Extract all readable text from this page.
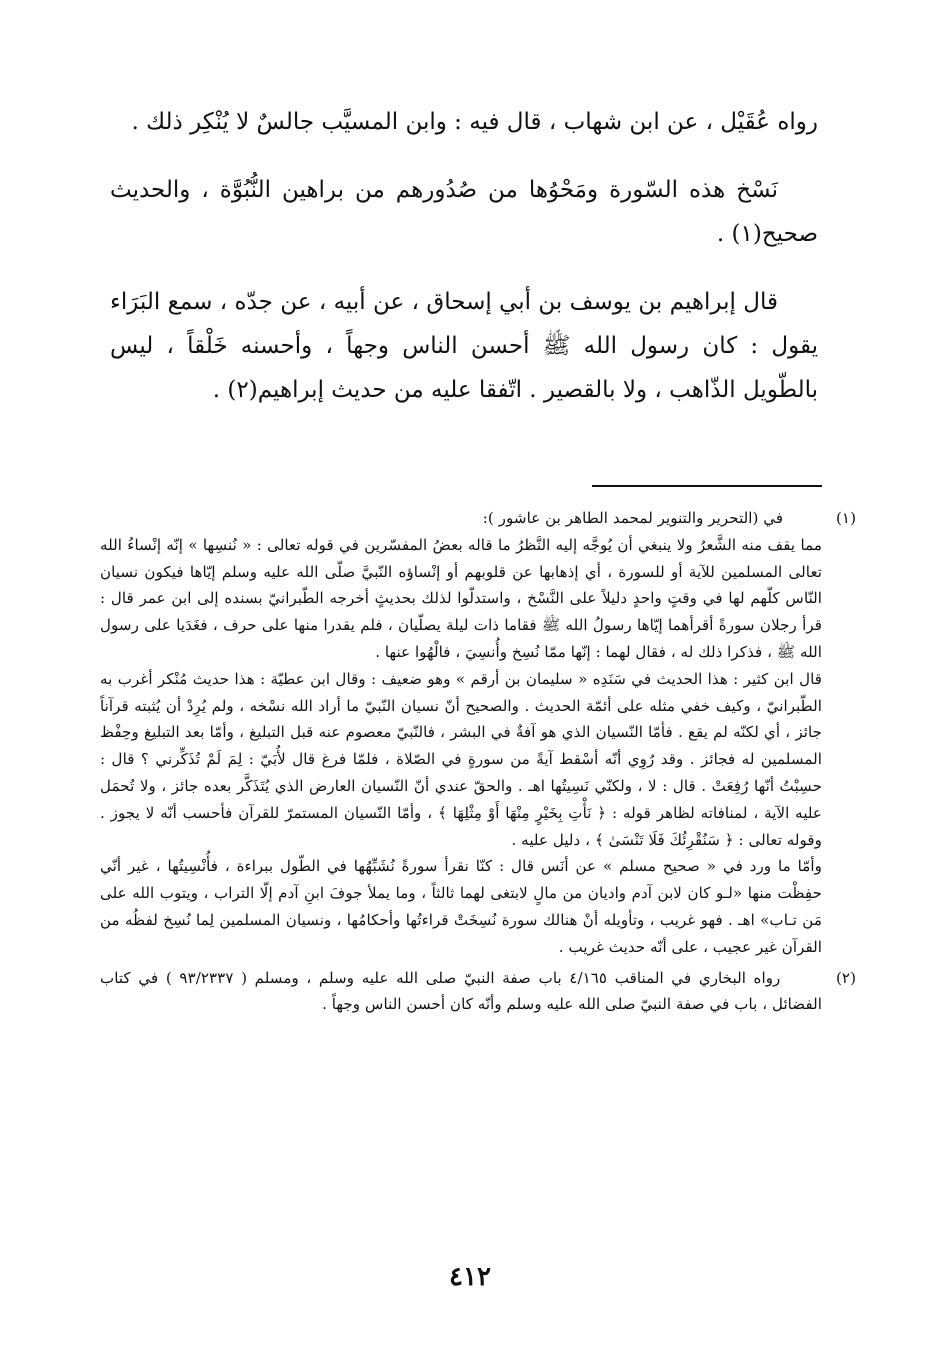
رواه عُقَيْل ، عن ابن شهاب ، قال فيه : وابن المسيَّب جالسٌ لا يُنْكِر ذلك .

نَسْخ هذه السّورة ومَحْوُها من صُدُورهم من براهين النُّبُوَّة ، والحديث صحيح(١) .

قال إبراهيم بن يوسف بن أبي إسحاق ، عن أبيه ، عن جدّه ، سمع البَرَاء يقول : كان رسول الله ﷺ أحسن الناس وجهاً ، وأحسنه خَلْقاً ، ليس بالطّويل الذّاهب ، ولا بالقصير . اتّفقا عليه من حديث إبراهيم(٢) .

(١) في (التحرير والتنوير لمحمد الطاهر بن عاشور ):

مما يقف منه الشَّعرُ ولا ينبغي أن يُوجَّه إليه النَّظرُ ما قاله بعضُ المفسّرين في قوله تعالى : « نُنسِها » إنّه إنْساءُ الله تعالى المسلمين للآية أو للسورة ، أي إذهابها عن قلوبهم أو إنْساؤه النّبيَّ صلّى الله عليه وسلم إيّاها فيكون نسيان النّاس كلّهم لها في وقتٍ واحدٍ دليلاً على النَّسْخ ، واستدلّوا لذلك بحديثٍ أخرجه الطّبرانيّ بسنده إلى ابن عمر قال : قرأ رجلان سورةً أقرأهما إيّاها رسولُ الله ﷺ فقاما ذات ليلة يصلّيان ، فلم يقدرا منها على حرف ، فغَدَيا على رسول الله ﷺ ، فذكرا ذلك له ، فقال لهما : إنّها ممّا نُسِخ وأُنسِيَ ، فالْهُوا عنها .

قال ابن كثير : هذا الحديث في سَنَدِه « سليمان بن أرقم » وهو ضعيف : وقال ابن عطيّة : هذا حديث مُنْكر أغرب به الطّبرانيّ ، وكيف خفي مثله على أئمّة الحديث . والصحيح أنّ نسيان النّبيّ ما أراد الله نسْخه ، ولم يُرِدْ أن يُثبته قرآناً جائز ، أي لكنّه لم يقع . فأمّا النّسيان الذي هو آفةٌ في البشر ، فالنّبيّ معصوم عنه قبل التبليغ ، وأمّا بعد التبليغ وحِفْظ المسلمين له فجائز . وقد رُوِي أنّه أسْقط آيةً من سورةٍ في الصّلاة ، فلمّا فرغ قال لأُبَيّ : لِمَ لَمْ تُذَكِّرني ؟ قال : حسِبْتُ أنّها رُفِعَتْ . قال : لا ، ولكنّي نَسِيتُها اهـ . والحقّ عندي أنّ النّسيان العارض الذي يُتَذَكَّر بعده جائز ، ولا تُحمَل عليه الآية ، لمنافاته لظاهر قوله : ﴿ نَأْتِ بِخَيْرٍ مِنْهَا أَوْ مِثْلِهَا ﴾ ، وأمّا النّسيان المستمرّ للقرآن فأحسب أنّه لا يجوز . وقوله تعالى : ﴿ سَنُقْرِئُكَ فَلَا تَنْسَىٰ ﴾ ، دليل عليه .

وأمّا ما ورد في « صحيح مسلم » عن أنَس قال : كنّا نقرأ سورةً نُشَبِّهُها في الطّول ببراءة ، فأُنْسِيتُها ، غير أنّي حفِظْت منها «لـو كان لابن آدم واديان من مالٍ لابتغى لهما ثالثاً ، وما يملأ جوفَ ابنِ آدم إلّا التراب ، ويتوب الله على مَن تـاب» اهـ . فهو غريب ، وتأويله أنْ هنالك سورة نُسِخَتْ قراءتُها وأحكامُها ، ونسيان المسلمين لِما نُسِخ لفظُه من القرآن غير عجيب ، على أنّه حديث غريب .

(٢) رواه البخاري في المناقب ٤/١٦٥ باب صفة النبيّ صلى الله عليه وسلم ، ومسلم ( ٩٣/٢٣٣٧ ) في كتاب الفضائل ، باب في صفة النبيّ صلى الله عليه وسلم وأنّه كان أحسن الناس وجهاً .

٤١٢
